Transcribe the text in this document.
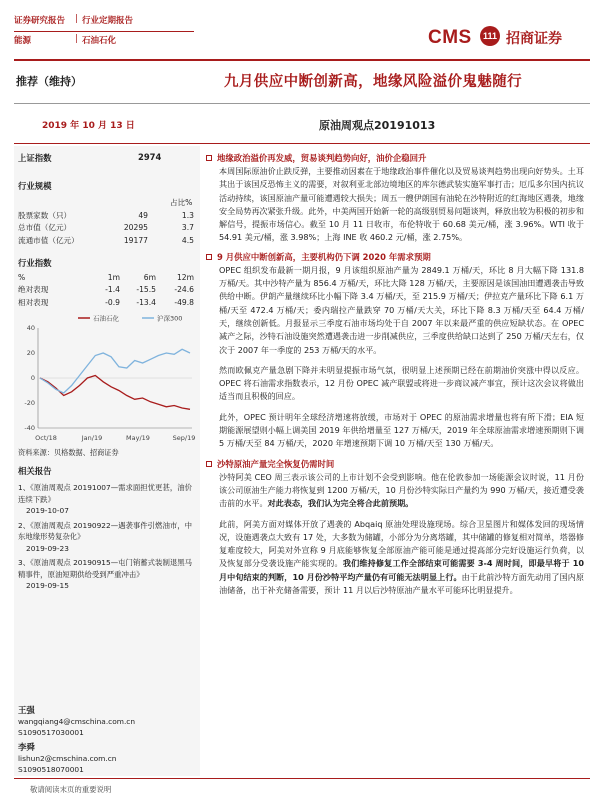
证券研究报告 | 行业定期报告
能源	| 石油石化	CMS	111 招商证券
推荐（维持）	九月供应中断创新高，地缘风险溢价鬼魅随行
2019 年 10 月 13 日	原油周观点20191013
上证指数	2974
行业规模
占比%
股票家数（只）	49	1.3
总市值（亿元）	20295	3.7
流通市值（亿元）	19177	4.5
行业指数
%	1m	6m	12m
绝对表现	-1.4	-15.5	-24.6
相对表现	-0.9	-13.4	-49.8
石油石化	沪深300
40
20
0
-20
-40
Oct/18	Jan/19	May/19	Sep/19
资料来源：贝格数据、招商证券
相关报告
1、《原油周观点 20191007—需求面担忧更甚，油价连续下跌》
2019-10-07
2、《原油周观点 20190922—遇袭事件引燃油市，中东地缘形势复杂化》
2019-09-23
3、《原油周观点 20190915—屯门销蓄式装制退黑马精事件，原油短期供给受到严重冲击》
2019-09-15
王强
wangqiang4@cmschina.com.cn
S1090517030001
李舜
lishun2@cmschina.com.cn
S1090518070001
地缘政治溢价再发威，贸易谈判趋势向好，油价企稳回升
本周国际原油价止跌反弹，主要推动因素在于地缘政治事件催化以及贸易谈判趋势出现向好势头。土耳其出于该国反恐怖主义的需要，对叙利亚北部边境地区的库尔德武装实施军事打击；厄瓜多尔国内抗议活动持续，该国原油产量可能遭遇较大损失；周五一艘伊朗国有油轮在沙特附近的红海地区遇袭，地缘安全局势再次紧张升级。此外，中美两国开始新一轮的高级别贸易问题谈判，释放出较为积极的初步和解信号，提振市场信心。截至 10 月 11 日收市，布伦特收于 60.68 美元/桶，涨 3.96%。WTI 收于 54.91 美元/桶，涨 3.98%；上海 INE 收 460.2 元/桶，涨 2.75%。
9 月供应中断创新高，主要机构仍下调 2020 年需求预期
OPEC 组织发布最新一期月报，9 月该组织原油产量为 2849.1 万桶/天，环比 8 月大幅下降 131.8 万桶/天。其中沙特产量为 856.4 万桶/天，环比大降 128 万桶/天，主要原因是该国油田遭遇袭击导致供给中断。伊朗产量继续环比小幅下降 3.4 万桶/天，至 215.9 万桶/天；伊拉克产量环比下降 6.1 万桶/天至 472.4 万桶/天；委内瑞拉产量跌穿 70 万桶/天大关，环比下降 8.3 万桶/天至 64.4 万桶/天，继续创新低。月报显示三季度石油市场均处于自 2007 年以来最严重的供应短缺状态。在 OPEC 减产之际，沙特石油设施突然遭遇袭击进一步削减供应，三季度供给缺口达到了 250 万桶/天左右，仅次于 2007 年一季度的 253 万桶/天的水平。
然而欧佩克产量急剧下降并未明显提振市场气氛，很明显上述预期已经在前期油价突涨中得以反应。OPEC 将石油需求指数表示，12 月份 OPEC 减产联盟或将进一步商议减产事宜，预计这次会议将做出适当而且积极的回应。
此外，OPEC 预计明年全球经济增速将放缓，市场对于 OPEC 的原油需求增量也将有所下滑；EIA 短期能源展望则小幅上调美国 2019 年供给增量至 127 万桶/天，2019 年全球原油需求增速预期则下调 5 万桶/天至 84 万桶/天，2020 年增速预期下调 10 万桶/天至 130 万桶/天。
沙特原油产量完全恢复仍需时间
沙特阿美 CEO 周三表示该公司的上市计划不会受到影响。他在伦敦参加一场能源会议时说，11 月份该公司原油生产能力将恢复到 1200 万桶/天，10 月份沙特实际日产量约为 990 万桶/天，接近遭受袭击前的水平。对此表态，我们认为完全将合此前预期。
此前，阿美方面对媒体开放了遇袭的 Abqaiq 原油处理设施现场。综合卫星图片和媒体发回的现场情况，设施遇袭点大致有 17 处，大多数为储罐，小部分为分离塔罐，其中储罐的修复相对简单，塔器修复难度较大，阿美对外宣称 9 月底能够恢复全部原油产能可能是通过提高部分完好设施运行负荷，以及恢复部分受袭设施产能实现的。我们维持修复工作全部结束可能需要 3-4 周时间，即最早将于 10 月中旬结束的判断，10 月份沙特平均产量仍有可能无法明显上行。由于此前沙特方面先动用了国内原油储备，出于补充储备需要，预计 11 月以后沙特原油产量水平可能环比明显提升。
敬请阅读末页的重要说明
